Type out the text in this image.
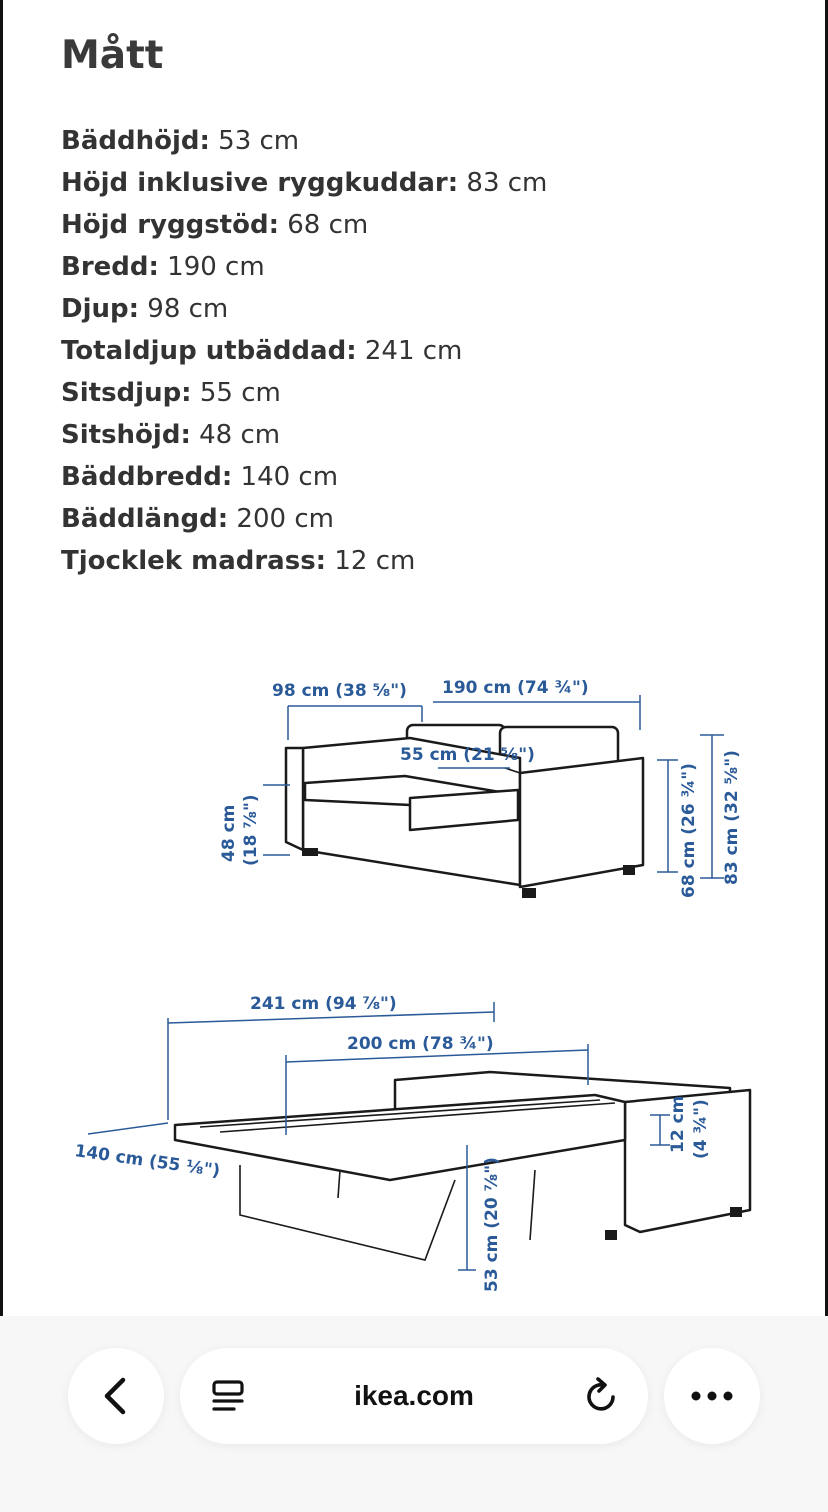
Mått
Bäddhöjd: 53 cm
Höjd inklusive ryggkuddar: 83 cm
Höjd ryggstöd: 68 cm
Bredd: 190 cm
Djup: 98 cm
Totaldjup utbäddad: 241 cm
Sitsdjup: 55 cm
Sitshöjd: 48 cm
Bäddbredd: 140 cm
Bäddlängd: 200 cm
Tjocklek madrass: 12 cm
98 cm (38 ⅝") 190 cm (74 ¾")
55 cm (21 ⅝")
48 cm (18 ⅞")	68 cm (26 ¾") 83 cm (32 ⅝")
241 cm (94 ⅞")
200 cm (78 ¾")
140 cm (55 ⅛")
12 cm (4 ¾")
53 cm (20 ⅞")
ikea.com
